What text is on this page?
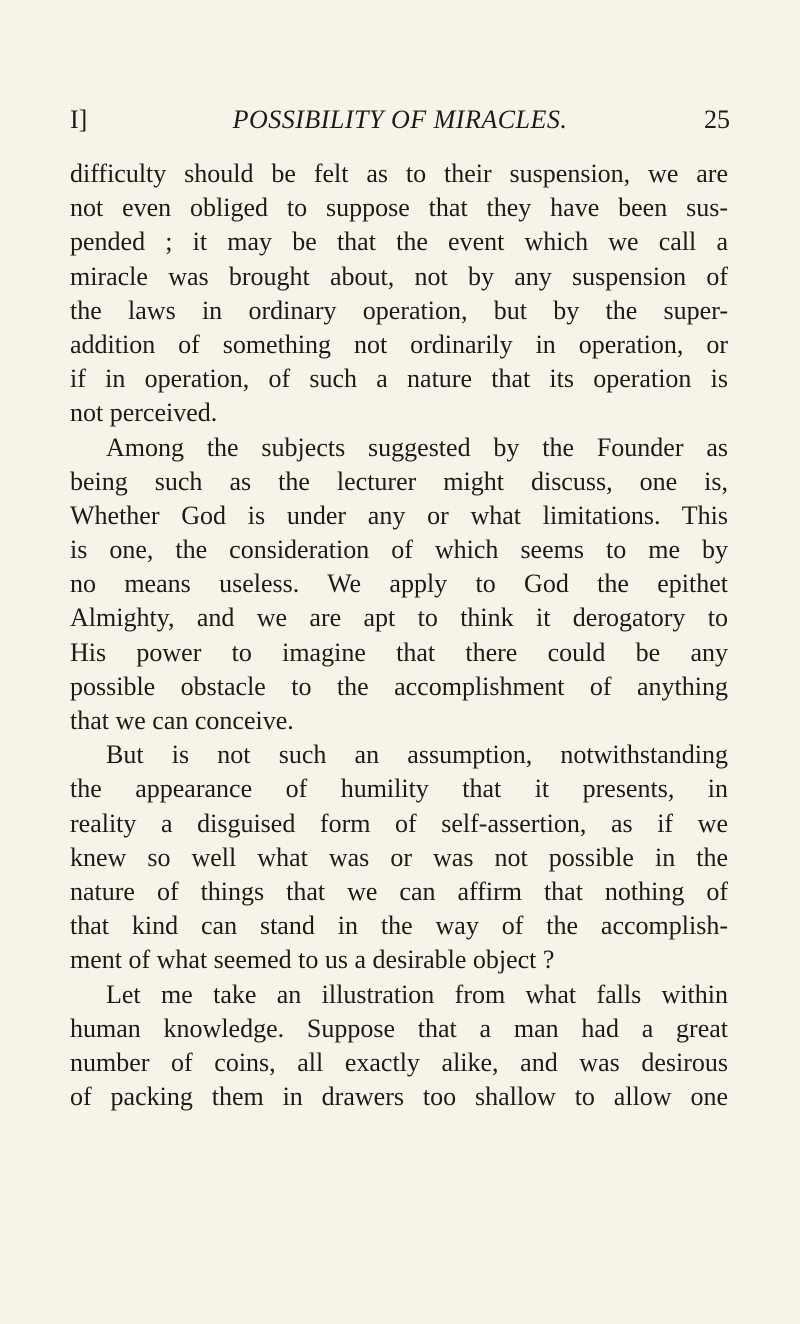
I]	POSSIBILITY OF MIRACLES.	25
difficulty should be felt as to their suspension, we are
not even obliged to suppose that they have been sus-
pended ; it may be that the event which we call a
miracle was brought about, not by any suspension of
the laws in ordinary operation, but by the super-
addition of something not ordinarily in operation, or
if in operation, of such a nature that its operation is
not perceived.
Among the subjects suggested by the Founder as
being such as the lecturer might discuss, one is,
Whether God is under any or what limitations. This
is one, the consideration of which seems to me by
no means useless. We apply to God the epithet
Almighty, and we are apt to think it derogatory to
His power to imagine that there could be any
possible obstacle to the accomplishment of anything
that we can conceive.
But is not such an assumption, notwithstanding
the appearance of humility that it presents, in
reality a disguised form of self-assertion, as if we
knew so well what was or was not possible in the
nature of things that we can affirm that nothing of
that kind can stand in the way of the accomplish-
ment of what seemed to us a desirable object ?
Let me take an illustration from what falls within
human knowledge. Suppose that a man had a great
number of coins, all exactly alike, and was desirous
of packing them in drawers too shallow to allow one
